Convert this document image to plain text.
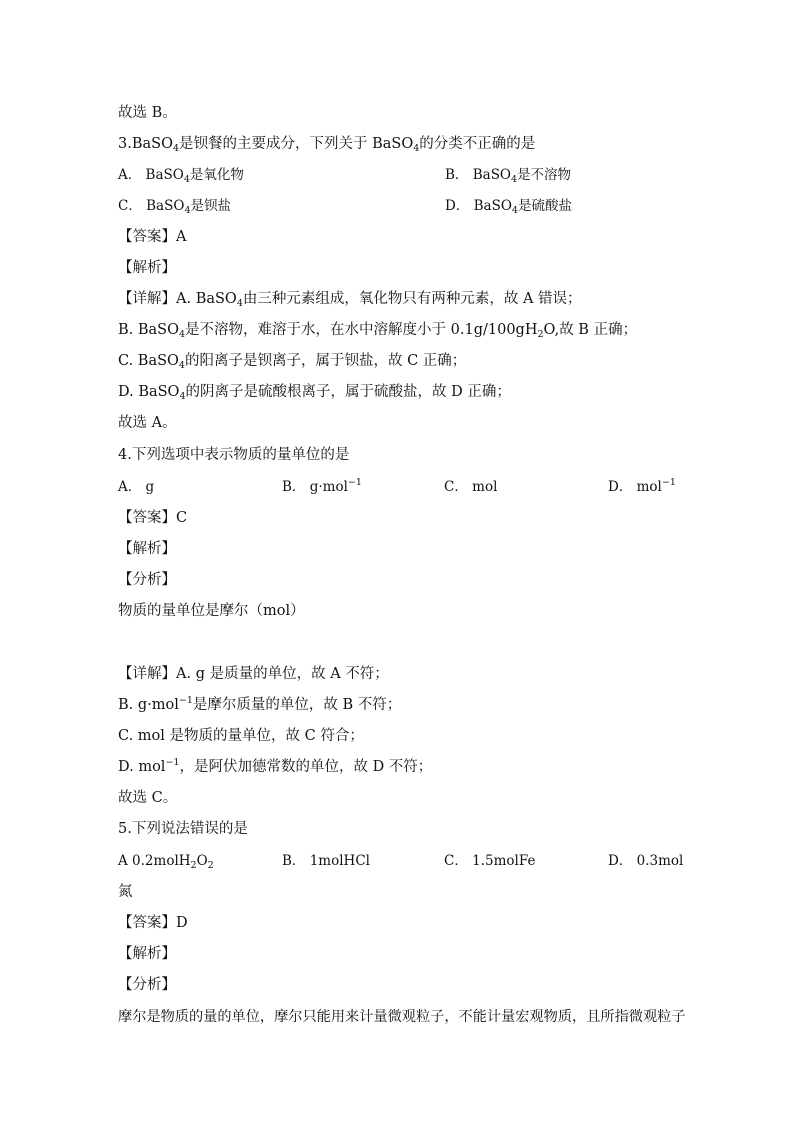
故选 B。
3.BaSO$_4$是钡餐的主要成分，下列关于 BaSO$_4$的分类不正确的是
A． BaSO$_4$是氧化物	B． BaSO$_4$是不溶物
C． BaSO$_4$是钡盐	D． BaSO$_4$是硫酸盐
【答案】A
【解析】
【详解】A. BaSO$_4$由三种元素组成，氧化物只有两种元素，故 A 错误；
B. BaSO$_4$是不溶物，难溶于水，在水中溶解度小于 $0.1g/100gH_2O$,故 B 正确；
C. BaSO$_4$的阳离子是钡离子，属于钡盐，故 C 正确；
D. BaSO$_4$的阴离子是硫酸根离子，属于硫酸盐，故 D 正确；
故选 A。
4.下列选项中表示物质的量单位的是
A． g	B． g·mol$^{-1}$	C． mol	D． mol$^{-1}$
【答案】C
【解析】
【分析】
物质的量单位是摩尔（mol）
【详解】A. g 是质量的单位，故 A 不符；
B. g·mol$^{-1}$是摩尔质量的单位，故 B 不符；
C. mol 是物质的量单位，故 C 符合；
D. mol$^{-1}$，是阿伏加德常数的单位，故 D 不符；
故选 C。
5.下列说法错误的是
A $0.2molH_2O_2$	B． 1molHCl	C． 1.5molFe	D． 0.3mol
氮
【答案】D
【解析】
【分析】
摩尔是物质的量的单位，摩尔只能用来计量微观粒子，不能计量宏观物质，且所指微观粒子
